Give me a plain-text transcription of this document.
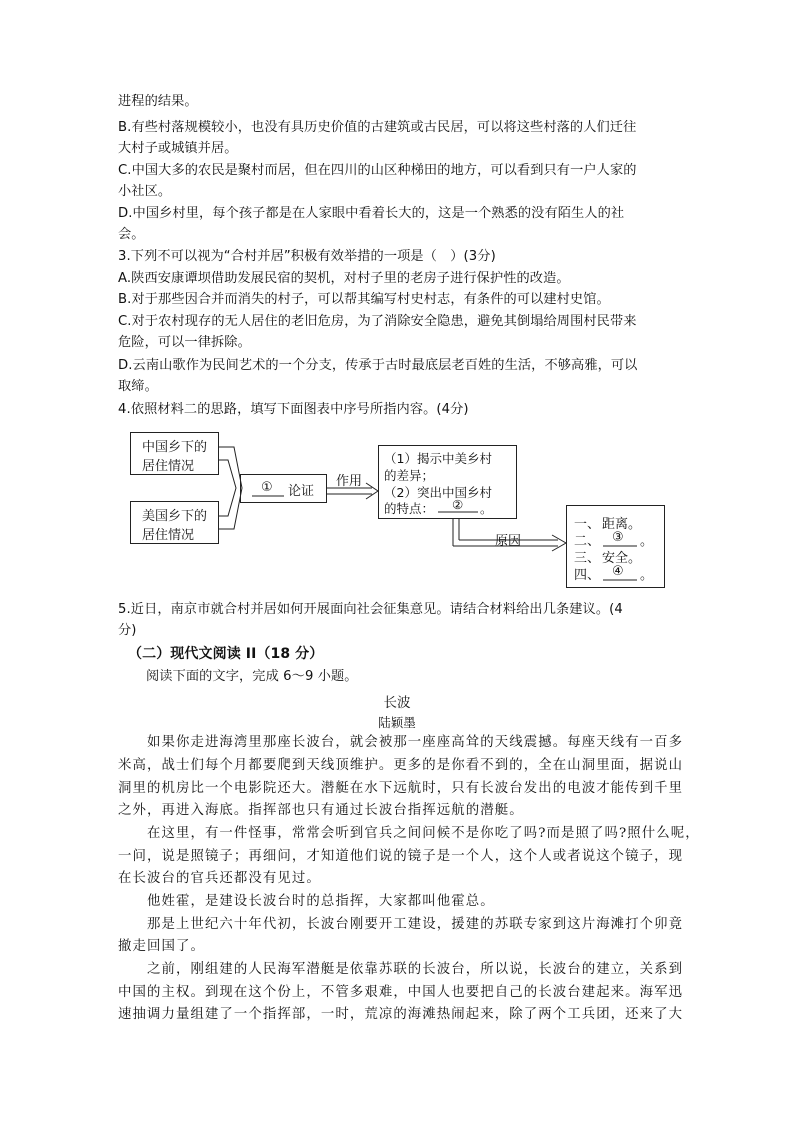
进程的结果。
B.有些村落规模较小，也没有具历史价值的古建筑或古民居，可以将这些村落的人们迁往
大村子或城镇并居。
C.中国大多的农民是聚村而居，但在四川的山区种梯田的地方，可以看到只有一户人家的
小社区。
D.中国乡村里，每个孩子都是在人家眼中看着长大的，这是一个熟悉的没有陌生人的社
会。
3.下列不可以视为“合村并居”积极有效举措的一项是（　）(3分)
A.陕西安康谭坝借助发展民宿的契机，对村子里的老房子进行保护性的改造。
B.对于那些因合并而消失的村子，可以帮其编写村史村志，有条件的可以建村史馆。
C.对于农村现存的无人居住的老旧危房，为了消除安全隐患，避免其倒塌给周围村民带来
危险，可以一律拆除。
D.云南山歌作为民间艺术的一个分支，传承于古时最底层老百姓的生活，不够高雅，可以
取缔。
4.依照材料二的思路，填写下面图表中序号所指内容。(4分)
中国乡下的
居住情况
美国乡下的
居住情况
① 论证
作用
（1）揭示中美乡村
的差异；
（2）突出中国乡村
的特点： ② 。
原因
一、 距离。
二、 ③ 。
三、 安全。
四、 ④ 。
5.近日，南京市就合村并居如何开展面向社会征集意见。请结合材料给出几条建议。(4
分)
（二）现代文阅读 II（18 分）
阅读下面的文字，完成 6～9 小题。
长波
陆颖墨
　　如果你走进海湾里那座长波台，就会被那一座座高耸的天线震撼。每座天线有一百多
米高，战士们每个月都要爬到天线顶维护。更多的是你看不到的，全在山洞里面，据说山
洞里的机房比一个电影院还大。潜艇在水下远航时，只有长波台发出的电波才能传到千里
之外，再进入海底。指挥部也只有通过长波台指挥远航的潜艇。
　　在这里，有一件怪事，常常会听到官兵之间问候不是你吃了吗?而是照了吗?照什么呢，
一问，说是照镜子；再细问，才知道他们说的镜子是一个人，这个人或者说这个镜子，现
在长波台的官兵还都没有见过。
　　他姓霍，是建设长波台时的总指挥，大家都叫他霍总。
　　那是上世纪六十年代初，长波台刚要开工建设，援建的苏联专家到这片海滩打个卯竟
撤走回国了。
　　之前，刚组建的人民海军潜艇是依靠苏联的长波台，所以说，长波台的建立，关系到
中国的主权。到现在这个份上，不管多艰难，中国人也要把自己的长波台建起来。海军迅
速抽调力量组建了一个指挥部，一时，荒凉的海滩热闹起来，除了两个工兵团，还来了大
